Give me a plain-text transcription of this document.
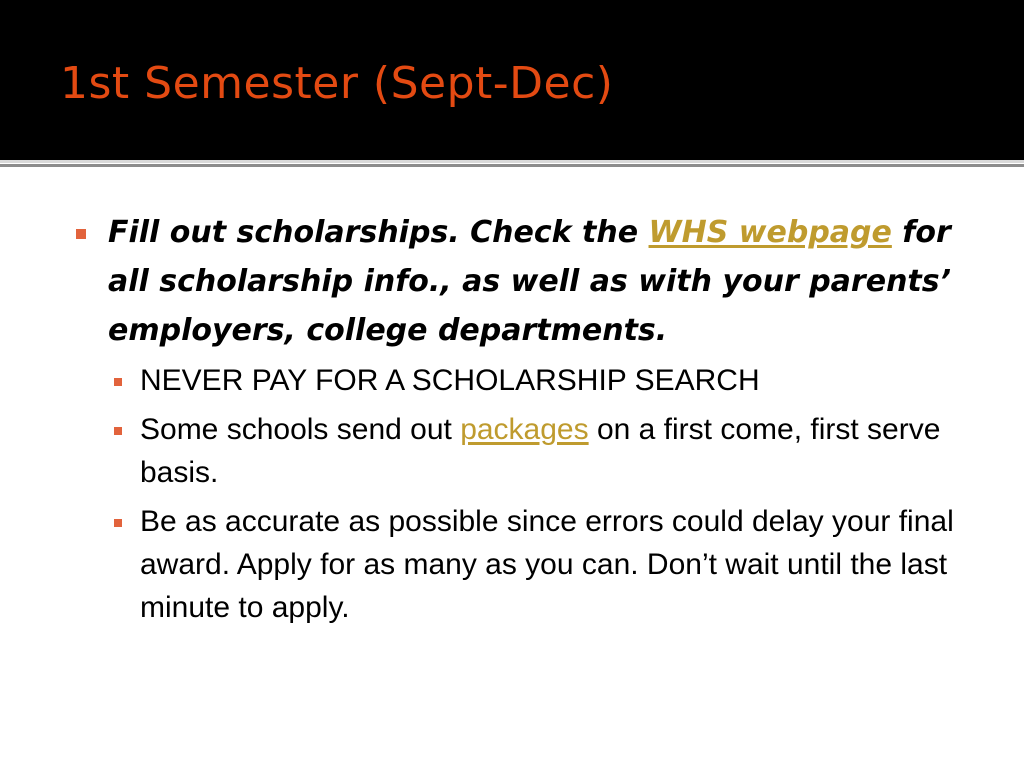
1st Semester (Sept-Dec)
Fill out scholarships. Check the WHS webpage for all scholarship info., as well as with your parents’ employers, college departments.
NEVER PAY FOR A SCHOLARSHIP SEARCH
Some schools send out packages on a first come, first serve basis.
Be as accurate as possible since errors could delay your final award. Apply for as many as you can. Don’t wait until the last minute to apply.
